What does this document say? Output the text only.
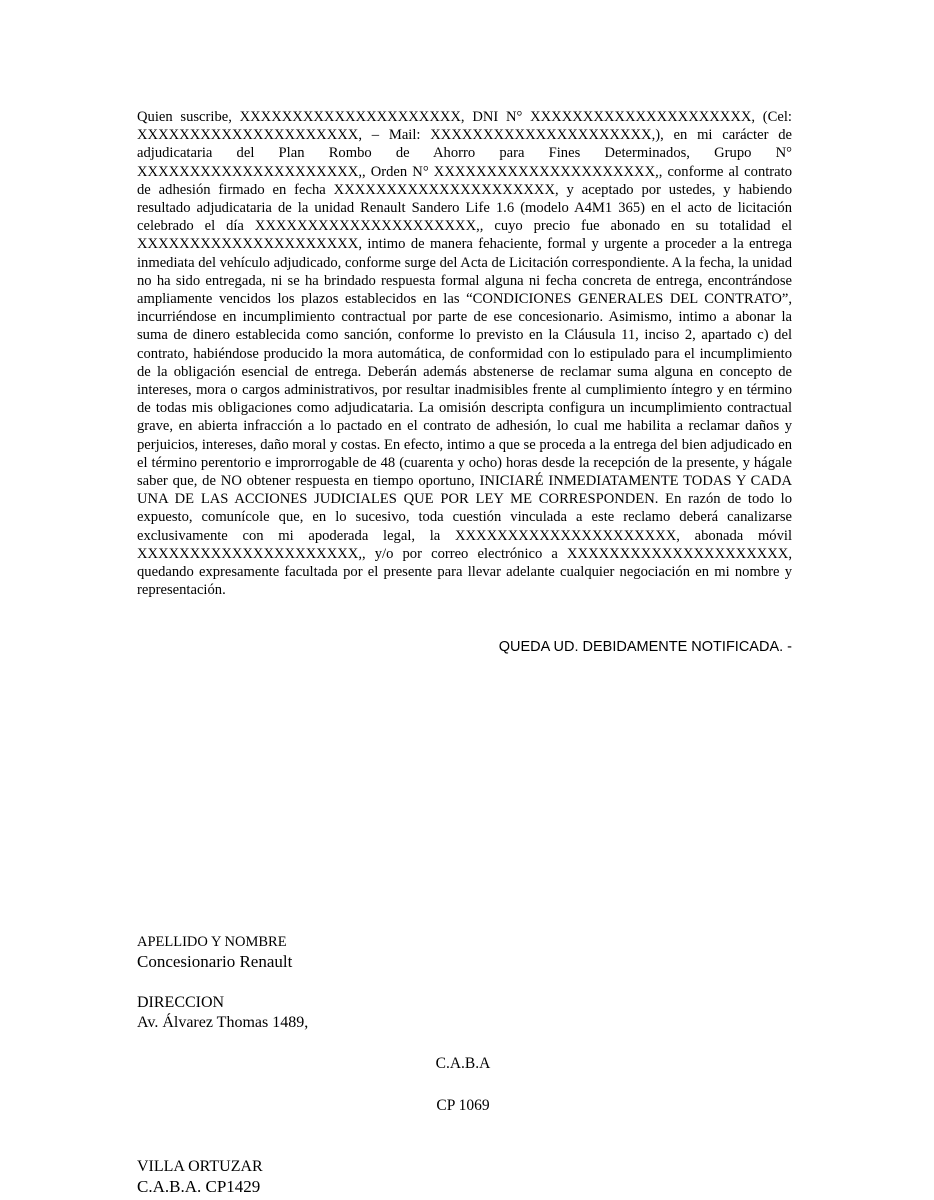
Quien suscribe, XXXXXXXXXXXXXXXXXXXXX, DNI N° XXXXXXXXXXXXXXXXXXXXX, (Cel: XXXXXXXXXXXXXXXXXXXXX, – Mail: XXXXXXXXXXXXXXXXXXXXX,), en mi carácter de adjudicataria del Plan Rombo de Ahorro para Fines Determinados, Grupo N° XXXXXXXXXXXXXXXXXXXXX,, Orden N° XXXXXXXXXXXXXXXXXXXXX,, conforme al contrato de adhesión firmado en fecha XXXXXXXXXXXXXXXXXXXXX, y aceptado por ustedes, y habiendo resultado adjudicataria de la unidad Renault Sandero Life 1.6 (modelo A4M1 365) en el acto de licitación celebrado el día XXXXXXXXXXXXXXXXXXXXX,, cuyo precio fue abonado en su totalidad el XXXXXXXXXXXXXXXXXXXXX, intimo de manera fehaciente, formal y urgente a proceder a la entrega inmediata del vehículo adjudicado, conforme surge del Acta de Licitación correspondiente. A la fecha, la unidad no ha sido entregada, ni se ha brindado respuesta formal alguna ni fecha concreta de entrega, encontrándose ampliamente vencidos los plazos establecidos en las “CONDICIONES GENERALES DEL CONTRATO”, incurriéndose en incumplimiento contractual por parte de ese concesionario. Asimismo, intimo a abonar la suma de dinero establecida como sanción, conforme lo previsto en la Cláusula 11, inciso 2, apartado c) del contrato, habiéndose producido la mora automática, de conformidad con lo estipulado para el incumplimiento de la obligación esencial de entrega. Deberán además abstenerse de reclamar suma alguna en concepto de intereses, mora o cargos administrativos, por resultar inadmisibles frente al cumplimiento íntegro y en término de todas mis obligaciones como adjudicataria. La omisión descripta configura un incumplimiento contractual grave, en abierta infracción a lo pactado en el contrato de adhesión, lo cual me habilita a reclamar daños y perjuicios, intereses, daño moral y costas. En efecto, intimo a que se proceda a la entrega del bien adjudicado en el término perentorio e improrrogable de 48 (cuarenta y ocho) horas desde la recepción de la presente, y hágale saber que, de NO obtener respuesta en tiempo oportuno, INICIARÉ INMEDIATAMENTE TODAS Y CADA UNA DE LAS ACCIONES JUDICIALES QUE POR LEY ME CORRESPONDEN. En razón de todo lo expuesto, comunícole que, en lo sucesivo, toda cuestión vinculada a este reclamo deberá canalizarse exclusivamente con mi apoderada legal, la XXXXXXXXXXXXXXXXXXXXX, abonada móvil XXXXXXXXXXXXXXXXXXXXX,, y/o por correo electrónico a XXXXXXXXXXXXXXXXXXXXX, quedando expresamente facultada por el presente para llevar adelante cualquier negociación en mi nombre y representación.

QUEDA UD. DEBIDAMENTE NOTIFICADA. -

APELLIDO Y NOMBRE

Concesionario Renault

DIRECCION

Av. Álvarez Thomas 1489,

C.A.B.A

CP 1069

VILLA ORTUZAR

C.A.B.A. CP1429
